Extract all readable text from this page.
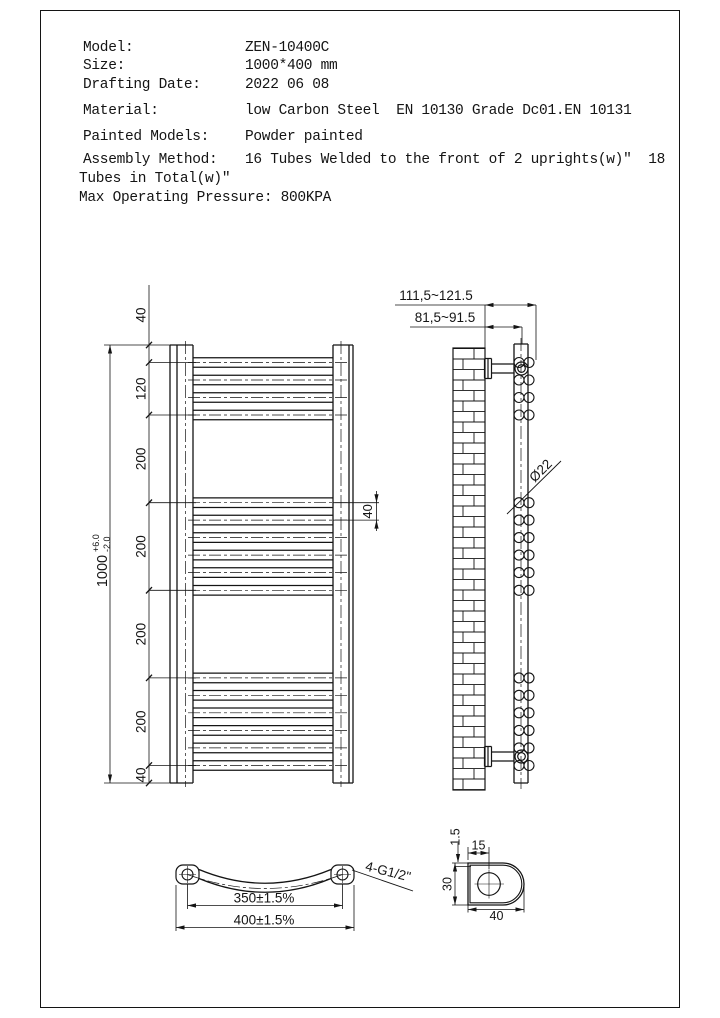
Model:	ZEN-10400C
Size:	1000*400 mm
Drafting Date:	2022 06 08
Material:	low Carbon Steel  EN 10130 Grade Dc01.EN 10131
Painted Models: Powder painted
Assembly Method: 16 Tubes Welded to the front of 2 uprights(w)"  18
Tubes in Total(w)"
Max Operating Pressure: 800KPA
1000
+6.0 -2.0
40
120
200
200
200
200
40
40
111,5~121.5
81,5~91.5
Ø22
350±1.5%
400±1.5%
4-G1/2"
1.5 15
30
40
